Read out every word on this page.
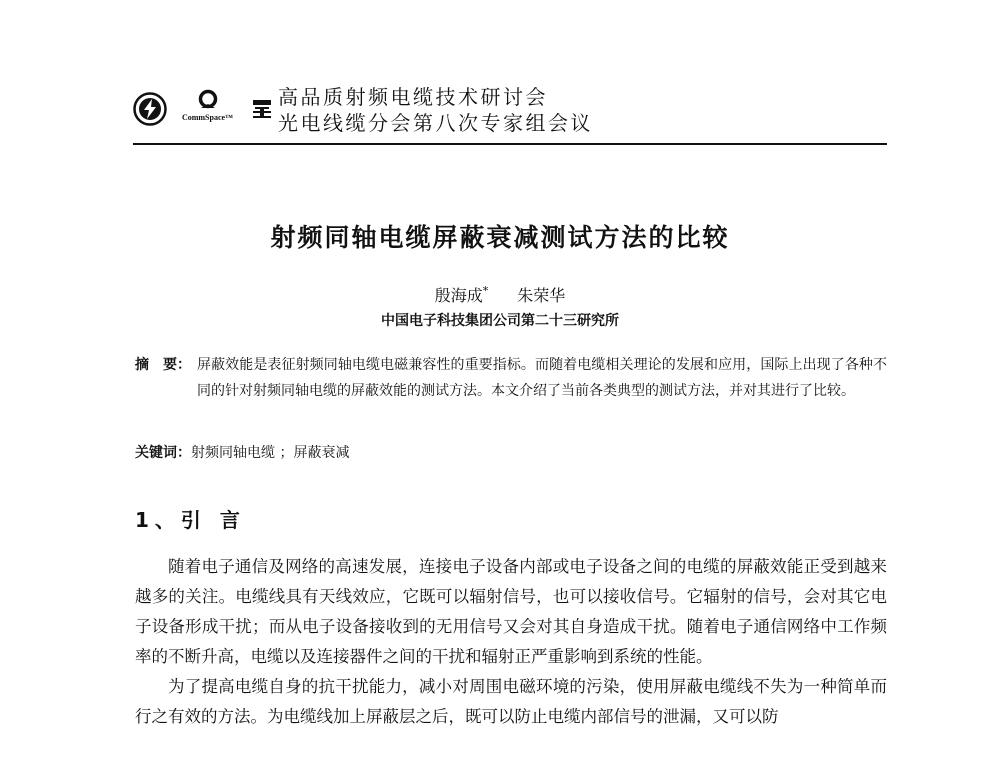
CommSpace™
高品质射频电缆技术研讨会
光电线缆分会第八次专家组会议
射频同轴电缆屏蔽衰减测试方法的比较
殷海成* 朱荣华
中国电子科技集团公司第二十三研究所
摘　要： 屏蔽效能是表征射频同轴电缆电磁兼容性的重要指标。而随着电缆相关理论的发展和应用，国际上出现了各种不同的针对射频同轴电缆的屏蔽效能的测试方法。本文介绍了当前各类典型的测试方法，并对其进行了比较。
关键词：射频同轴电缆 ；屏蔽衰减
1、引 言

随着电子通信及网络的高速发展，连接电子设备内部或电子设备之间的电缆的屏蔽效能正受到越来越多的关注。电缆线具有天线效应，它既可以辐射信号，也可以接收信号。它辐射的信号，会对其它电子设备形成干扰；而从电子设备接收到的无用信号又会对其自身造成干扰。随着电子通信网络中工作频率的不断升高，电缆以及连接器件之间的干扰和辐射正严重影响到系统的性能。

为了提高电缆自身的抗干扰能力，减小对周围电磁环境的污染，使用屏蔽电缆线不失为一种简单而行之有效的方法。为电缆线加上屏蔽层之后，既可以防止电缆内部信号的泄漏，又可以防
